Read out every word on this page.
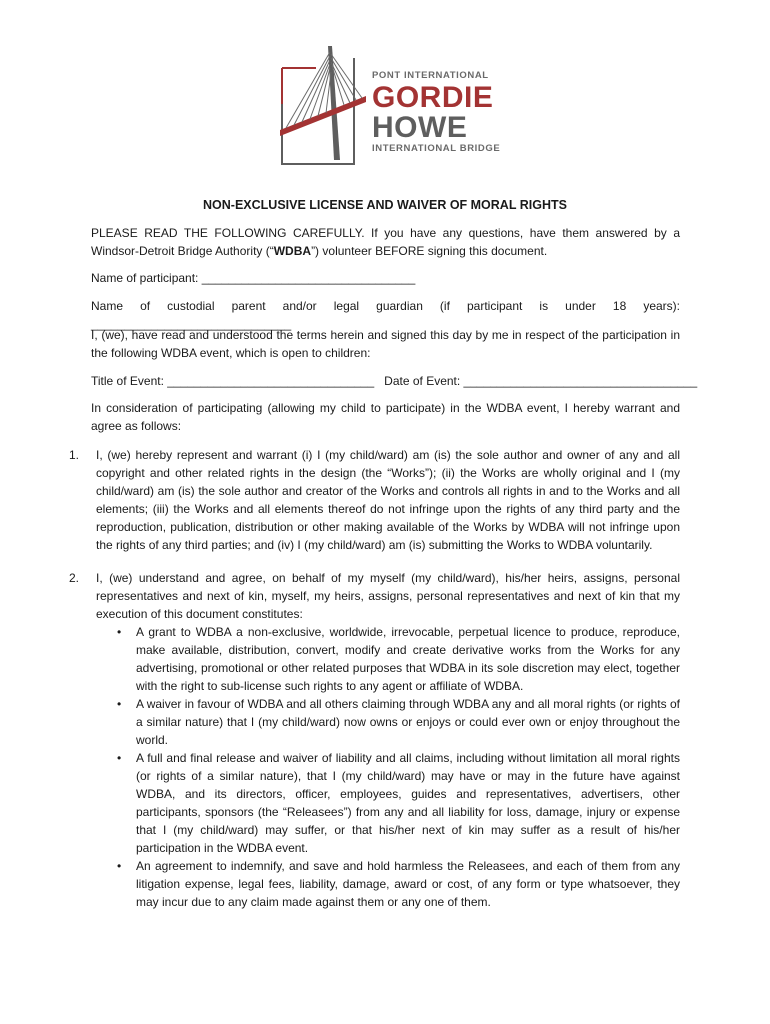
PONT INTERNATIONAL
GORDIE
HOWE
INTERNATIONAL BRIDGE
NON-EXCLUSIVE LICENSE AND WAIVER OF MORAL RIGHTS

PLEASE READ THE FOLLOWING CAREFULLY. If you have any questions, have them answered by a Windsor-Detroit Bridge Authority (“WDBA”) volunteer BEFORE signing this document.

Name of participant: ________________________________

Name of custodial parent and/or legal guardian (if participant is under 18 years): ______________________________

I, (we), have read and understood the terms herein and signed this day by me in respect of the participation in the following WDBA event, which is open to children:

Title of Event: _______________________________ Date of Event: ___________________________________

In consideration of participating (allowing my child to participate) in the WDBA event, I hereby warrant and agree as follows:

1. I, (we) hereby represent and warrant (i) I (my child/ward) am (is) the sole author and owner of any and all copyright and other related rights in the design (the “Works”); (ii) the Works are wholly original and I (my child/ward) am (is) the sole author and creator of the Works and controls all rights in and to the Works and all elements; (iii) the Works and all elements thereof do not infringe upon the rights of any third party and the reproduction, publication, distribution or other making available of the Works by WDBA will not infringe upon the rights of any third parties; and (iv) I (my child/ward) am (is) submitting the Works to WDBA voluntarily.
2. I, (we) understand and agree, on behalf of my myself (my child/ward), his/her heirs, assigns, personal representatives and next of kin, myself, my heirs, assigns, personal representatives and next of kin that my execution of this document constitutes:
• A grant to WDBA a non-exclusive, worldwide, irrevocable, perpetual licence to produce, reproduce, make available, distribution, convert, modify and create derivative works from the Works for any advertising, promotional or other related purposes that WDBA in its sole discretion may elect, together with the right to sub-license such rights to any agent or affiliate of WDBA.
• A waiver in favour of WDBA and all others claiming through WDBA any and all moral rights (or rights of a similar nature) that I (my child/ward) now owns or enjoys or could ever own or enjoy throughout the world.
• A full and final release and waiver of liability and all claims, including without limitation all moral rights (or rights of a similar nature), that I (my child/ward) may have or may in the future have against WDBA, and its directors, officer, employees, guides and representatives, advertisers, other participants, sponsors (the “Releasees”) from any and all liability for loss, damage, injury or expense that I (my child/ward) may suffer, or that his/her next of kin may suffer as a result of his/her participation in the WDBA event.
• An agreement to indemnify, and save and hold harmless the Releasees, and each of them from any litigation expense, legal fees, liability, damage, award or cost, of any form or type whatsoever, they may incur due to any claim made against them or any one of them.
